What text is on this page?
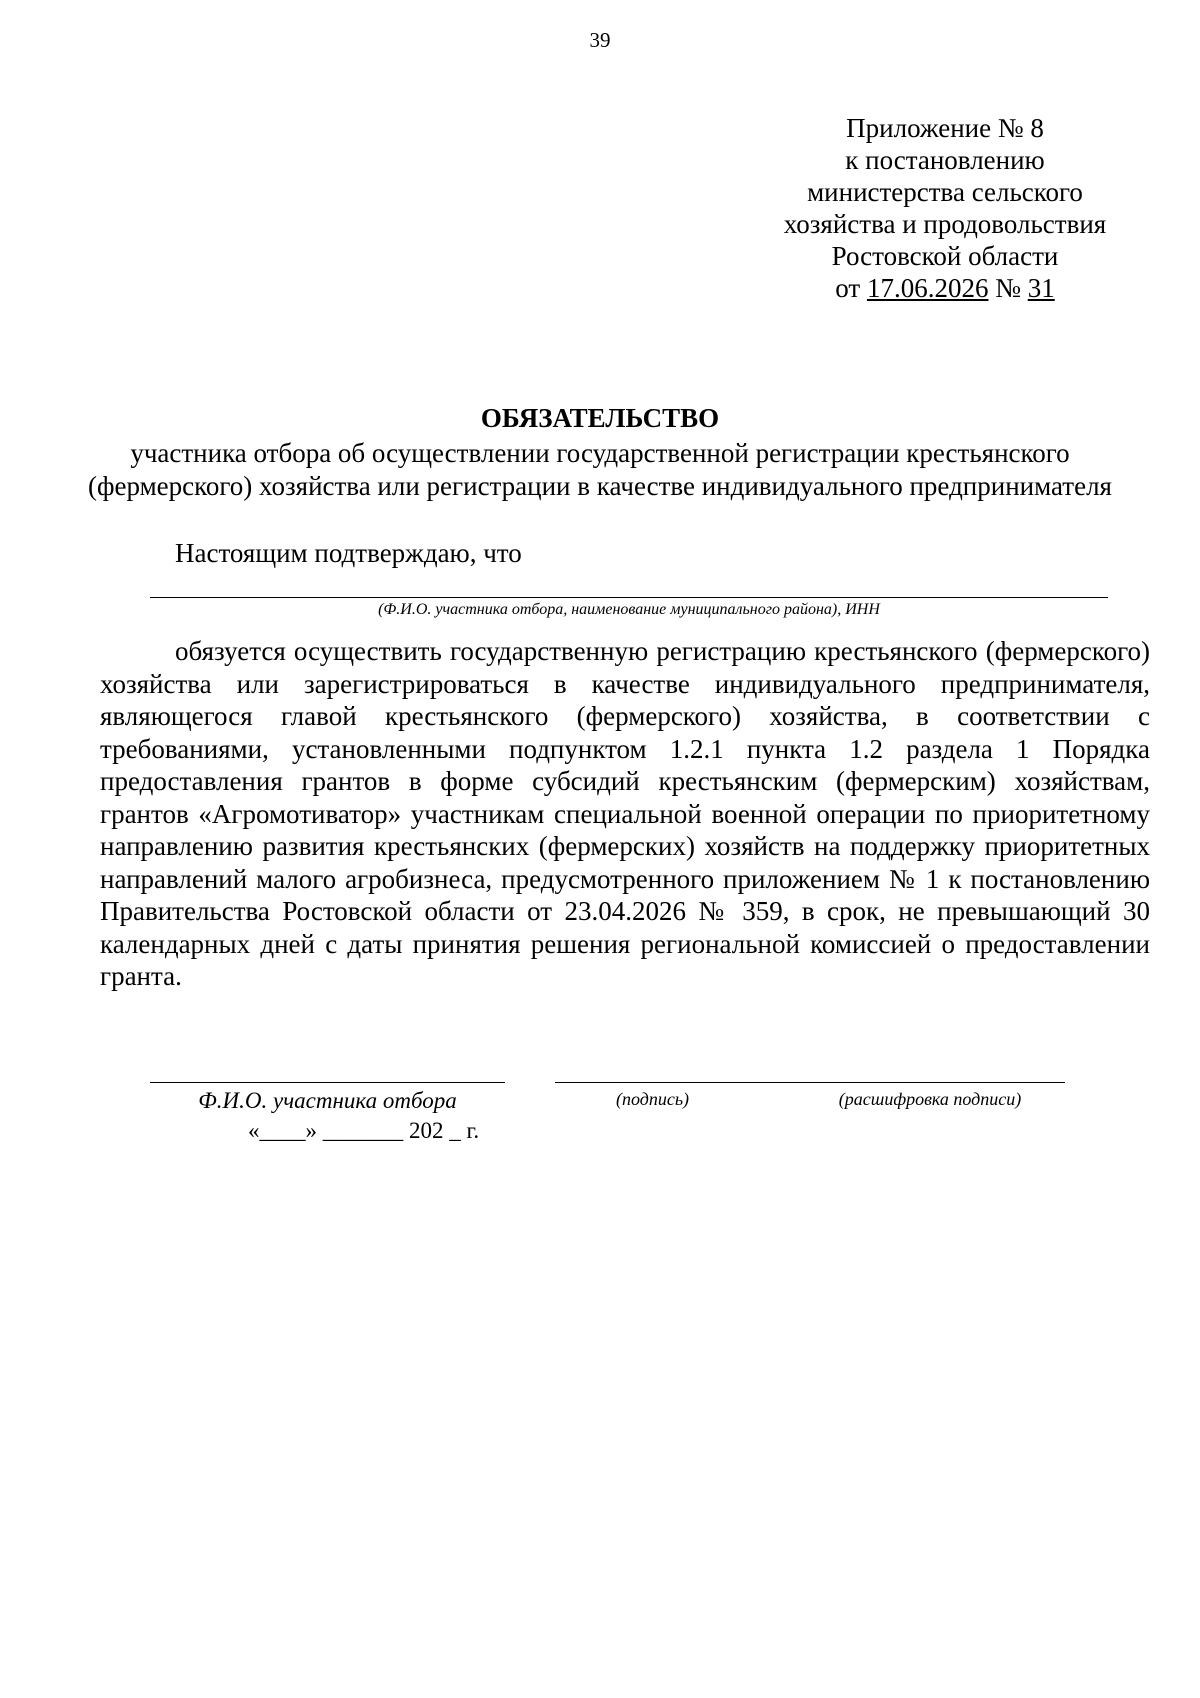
39
Приложение № 8
к постановлению
министерства сельского
хозяйства и продовольствия
Ростовской области
от 17.06.2026 № 31
ОБЯЗАТЕЛЬСТВО
участника отбора об осуществлении государственной регистрации крестьянского
(фермерского) хозяйства или регистрации в качестве индивидуального предпринимателя
Настоящим подтверждаю, что
(Ф.И.О. участника отбора, наименование муниципального района), ИНН
обязуется осуществить государственную регистрацию крестьянского (фермерского) хозяйства или зарегистрироваться в качестве индивидуального предпринимателя, являющегося главой крестьянского (фермерского) хозяйства, в соответствии с требованиями, установленными подпунктом 1.2.1 пункта 1.2 раздела 1 Порядка предоставления грантов в форме субсидий крестьянским (фермерским) хозяйствам, грантов «Агромотиватор» участникам специальной военной операции по приоритетному направлению развития крестьянских (фермерских) хозяйств на поддержку приоритетных направлений малого агробизнеса, предусмотренного приложением № 1 к постановлению Правительства Ростовской области от 23.04.2026 № 359, в срок, не превышающий 30 календарных дней с даты принятия решения региональной комиссией о предоставлении гранта.
Ф.И.О. участника отбора	(подпись)	(расшифровка подписи)
«____» _______ 202 _ г.
